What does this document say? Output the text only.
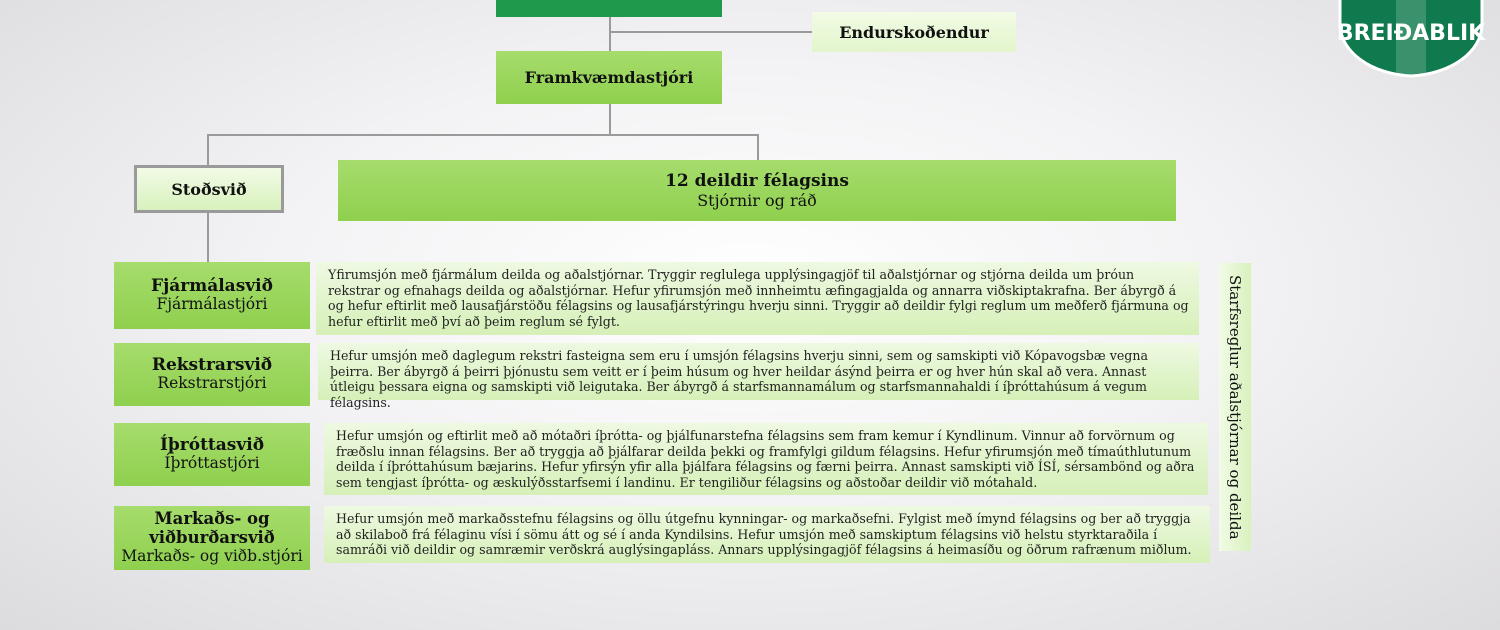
Endurskoðendur
Framkvæmdastjóri
Stoðsvið	12 deildir félagsins
Stjórnir og ráð
Fjármálasvið
Fjármálastjóri
Yfirumsjón með fjármálum deilda og aðalstjórnar. Tryggir reglulega upplýsingagjöf til aðalstjórnar og stjórna deilda um þróun rekstrar og efnahags deilda og aðalstjórnar. Hefur yfirumsjón með innheimtu æfingagjalda og annarra viðskiptakrafna. Ber ábyrgð á og hefur eftirlit með lausafjárstöðu félagsins og lausafjárstýringu hverju sinni. Tryggir að deildir fylgi reglum um meðferð fjármuna og hefur eftirlit með því að þeim reglum sé fylgt.
Rekstrarsvið
Rekstrarstjóri
Hefur umsjón með daglegum rekstri fasteigna sem eru í umsjón félagsins hverju sinni, sem og samskipti við Kópavogsbæ vegna þeirra. Ber ábyrgð á þeirri þjónustu sem veitt er í þeim húsum og hver heildar ásýnd þeirra er og hver hún skal að vera. Annast útleigu þessara eigna og samskipti við leigutaka. Ber ábyrgð á starfsmannamálum og starfsmannahaldi í íþróttahúsum á vegum félagsins.
Íþróttasvið
Íþróttastjóri
Hefur umsjón og eftirlit með að mótaðri íþrótta- og þjálfunarstefna félagsins sem fram kemur í Kyndlinum. Vinnur að forvörnum og fræðslu innan félagsins. Ber að tryggja að þjálfarar deilda þekki og framfylgi gildum félagsins. Hefur yfirumsjón með tímaúthlutunum deilda í íþróttahúsum bæjarins. Hefur yfirsýn yfir alla þjálfara félagsins og færni þeirra. Annast samskipti við ÍSÍ, sérsambönd og aðra sem tengjast íþrótta- og æskulýðsstarfsemi í landinu. Er tengiliður félagsins og aðstoðar deildir við mótahald.
Markaðs- og viðburðarsvið
Markaðs- og viðb.stjóri
Hefur umsjón með markaðsstefnu félagsins og öllu útgefnu kynningar- og markaðsefni. Fylgist með ímynd félagsins og ber að tryggja að skilaboð frá félaginu vísi í sömu átt og sé í anda Kyndilsins. Hefur umsjón með samskiptum félagsins við helstu styrktaraðila í samráði við deildir og samræmir verðskrá auglýsingapláss. Annars upplýsingagjöf félagsins á heimasíðu og öðrum rafrænum miðlum.
Starfsreglur aðalstjórnar og deilda
BREIÐABLIK
